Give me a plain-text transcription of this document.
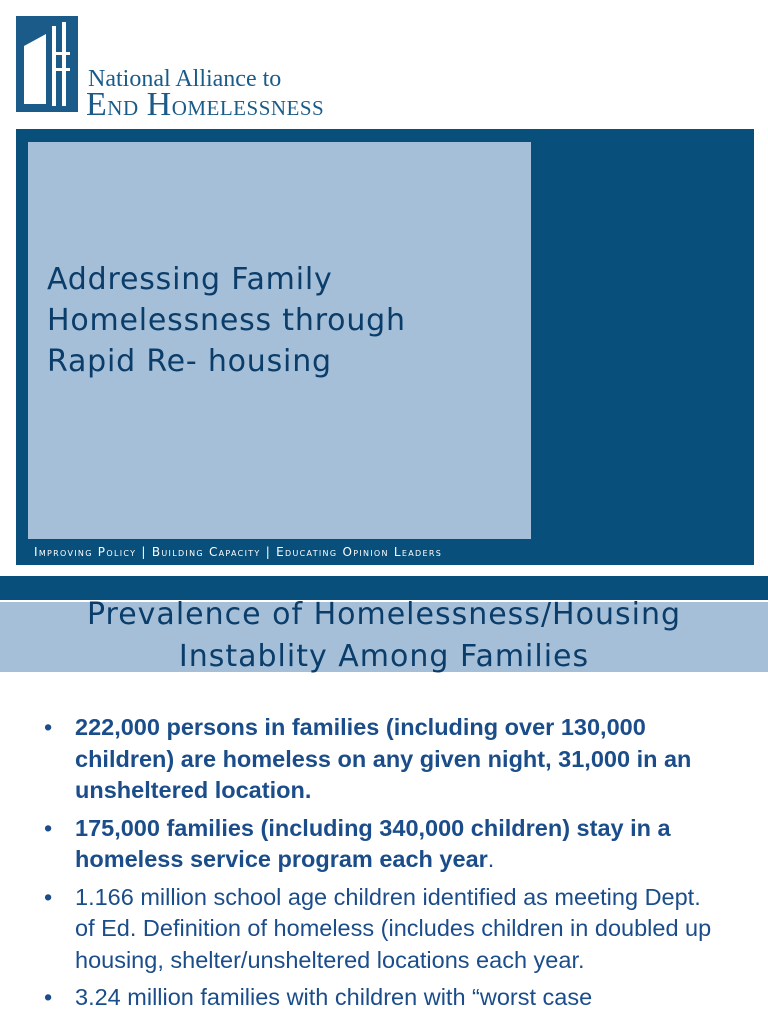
National Alliance to
End Homelessness
Addressing Family
Homelessness through
Rapid Re- housing
Improving Policy | Building Capacity | Educating Opinion Leaders
Prevalence of Homelessness/Housing
Instablity Among Families
• 222,000 persons in families (including over 130,000 children) are homeless on any given night, 31,000 in an unsheltered location.
• 175,000 families (including 340,000 children) stay in a homeless service program each year.
• 1.166 million school age children identified as meeting Dept. of Ed. Definition of homeless (includes children in doubled up housing, shelter/unsheltered locations each year.
• 3.24 million families with children with “worst case
